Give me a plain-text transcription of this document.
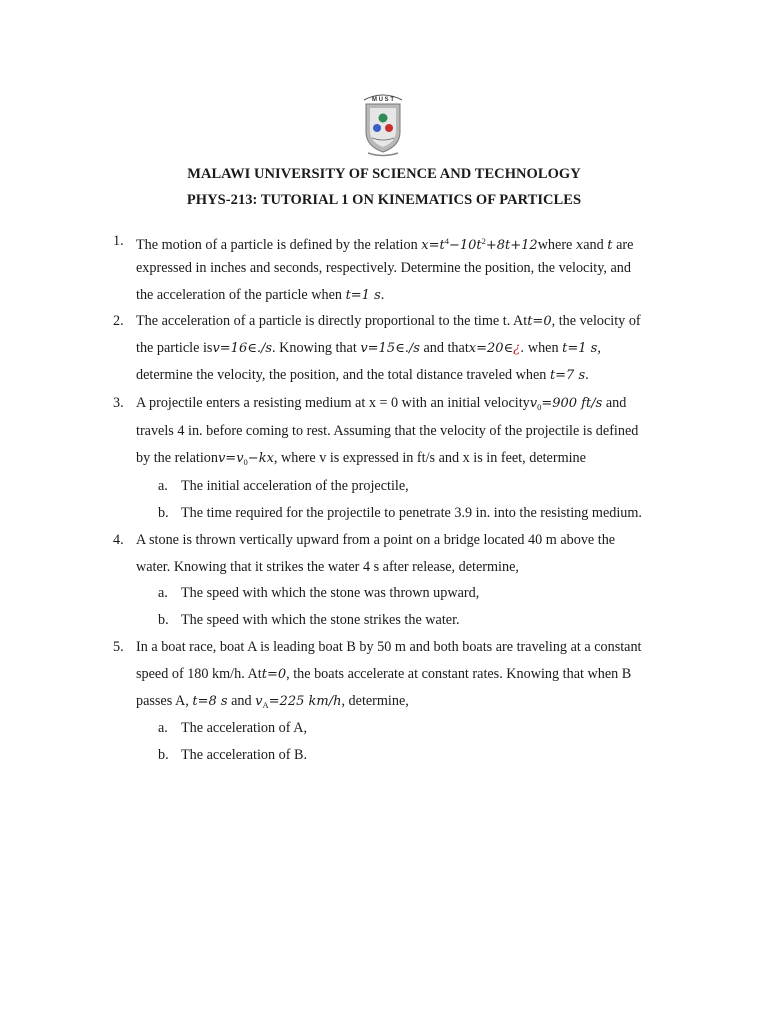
M U S T
MALAWI UNIVERSITY OF SCIENCE AND TECHNOLOGY
PHYS-213: TUTORIAL 1 ON KINEMATICS OF PARTICLES
1. The motion of a particle is defined by the relation $x=t^4-10t^2+8t+12where$ xand t are
expressed in inches and seconds, respectively. Determine the position, the velocity, and
the acceleration of the particle when t=1 s.
2. The acceleration of a particle is directly proportional to the time t. Att=0, the velocity of
the particle isv=16∈./s. Knowing that v=15∈./s and thatx=20∈¿. when t=1 s,
determine the velocity, the position, and the total distance traveled when t=7 s.
3. A projectile enters a resisting medium at x = 0 with an initial velocityv$_0$=900 ft/s and
travels 4 in. before coming to rest. Assuming that the velocity of the projectile is defined
by the $relationv=v_0-kx$, where v is expressed in ft/s and x is in feet, determine
a. The initial acceleration of the projectile,
b. The time required for the projectile to penetrate 3.9 in. into the resisting medium.
4. A stone is thrown vertically upward from a point on a bridge located 40 m above the
water. Knowing that it strikes the water 4 s after release, determine,
a. The speed with which the stone was thrown upward,
b. The speed with which the stone strikes the water.
5. In a boat race, boat A is leading boat B by 50 m and both boats are traveling at a constant
speed of 180 km/h. Att=0, the boats accelerate at constant rates. Knowing that when B
passes A, t=8 s and $v_A=225$ km/h, determine,
a. The acceleration of A,
b. The acceleration of B.
